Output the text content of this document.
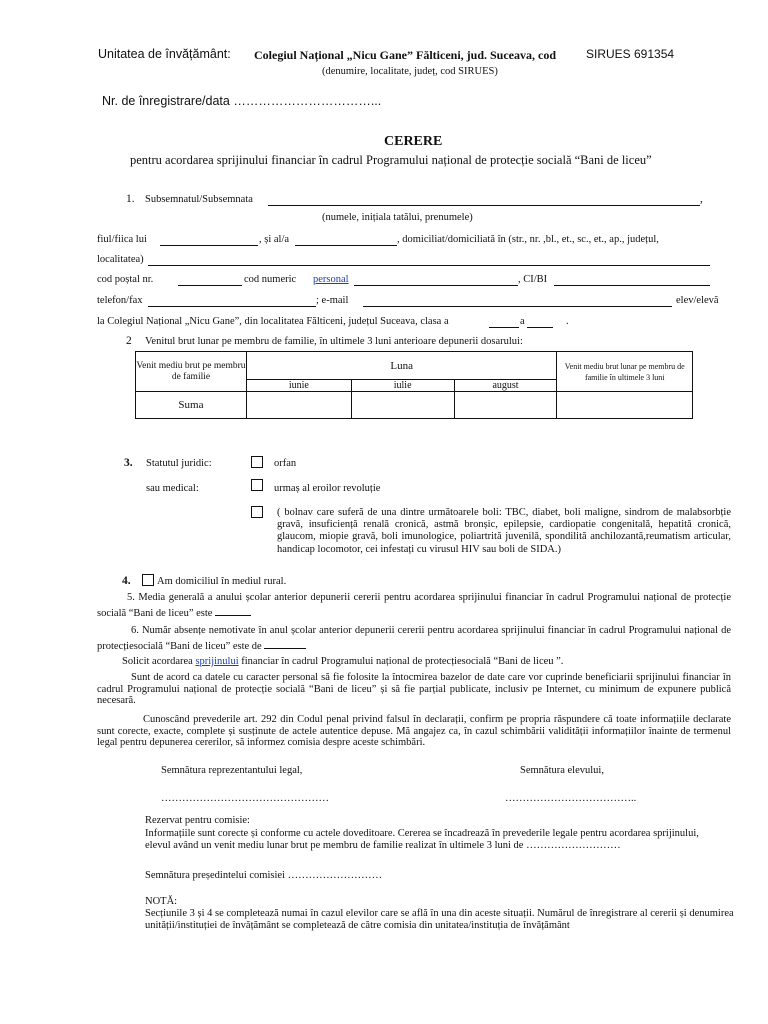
Unitatea de învățământ: Colegiul Național „Nicu Gane” Fălticeni, jud. Suceava, cod SIRUES 691354
(denumire, localitate, județ, cod SIRUES)
Nr. de înregistrare/data ……………………………...
CERERE
pentru acordarea sprijinului financiar în cadrul Programului național de protecție socială “Bani de liceu”
1. Subsemnatul/Subsemnata	,
(numele, inițiala tatălui, prenumele)
fiul/fiica lui	, și al/a	, domiciliat/domiciliată în (str., nr. ,bl., et., sc., et., ap., județul,
localitatea)
cod poștal nr.	cod numeric personal	, CI/BI
telefon/fax	; e-mail	elev/elevă
la Colegiul Național „Nicu Gane”, din localitatea Fălticeni, județul Suceava, clasa a	a	.
2 Venitul brut lunar pe membru de familie, în ultimele 3 luni anterioare depunerii dosarului:
Venit mediu brut pe membru de familie	Luna			Venit mediu brut lunar pe membru de familie în ultimele 3 luni
	iunie	iulie	august	
Suma				
3. Statutul juridic:	orfan
sau medical:	urmaș al eroilor revoluție
( bolnav care suferă de una dintre următoarele boli: TBC, diabet, boli maligne, sindrom de malabsorbție gravă, insuficiență renală cronică, astmă bronșic, epilepsie, cardiopatie congenitală, hepatită cronică, glaucom, miopie gravă, boli imunologice, poliartrită juvenilă, spondilită anchilozantă,reumatism articular, handicap locomotor, cei infestați cu virusul HIV sau boli de SIDA.)
4.	Am domiciliul în mediul rural.
5. Media generală a anului școlar anterior depunerii cererii pentru acordarea sprijinului financiar în cadrul Programului național de protecție socială “Bani de liceu” este
6. Număr absențe nemotivate în anul școlar anterior depunerii cererii pentru acordarea sprijinului financiar în cadrul Programului național de protecțiesocială “Bani de liceu” este de
Solicit acordarea sprijinului financiar în cadrul Programului național de protecțiesocială “Bani de liceu ”.
Sunt de acord ca datele cu caracter personal să fie folosite la întocmirea bazelor de date care vor cuprinde beneficiarii sprijinului financiar în cadrul Programului național de protecție socială “Bani de liceu” și să fie parțial publicate, inclusiv pe Internet, cu minimum de expunere publică necesară.
Cunoscând prevederile art. 292 din Codul penal privind falsul în declarații, confirm pe propria răspundere că toate informațiile declarate sunt corecte, exacte, complete și susținute de actele autentice depuse. Mă angajez ca, în cazul schimbării validității informațiilor înainte de termenul legal pentru depunerea cererilor, să informez comisia despre aceste schimbări.
Semnătura reprezentantului legal,
…………………………………………
Semnătura elevului,
………………………………..
Rezervat pentru comisie:
Informațiile sunt corecte și conforme cu actele doveditoare. Cererea se încadrează în prevederile legale pentru acordarea sprijinului, elevul având un venit mediu lunar brut pe membru de familie realizat în ultimele 3 luni de ………………………
Semnătura președintelui comisiei ………………………
NOTĂ:
Secțiunile 3 și 4 se completează numai în cazul elevilor care se află în una din aceste situații. Numărul de înregistrare al cererii și denumirea unității/instituției de învățământ se completează de către comisia din unitatea/instituția de învățământ
